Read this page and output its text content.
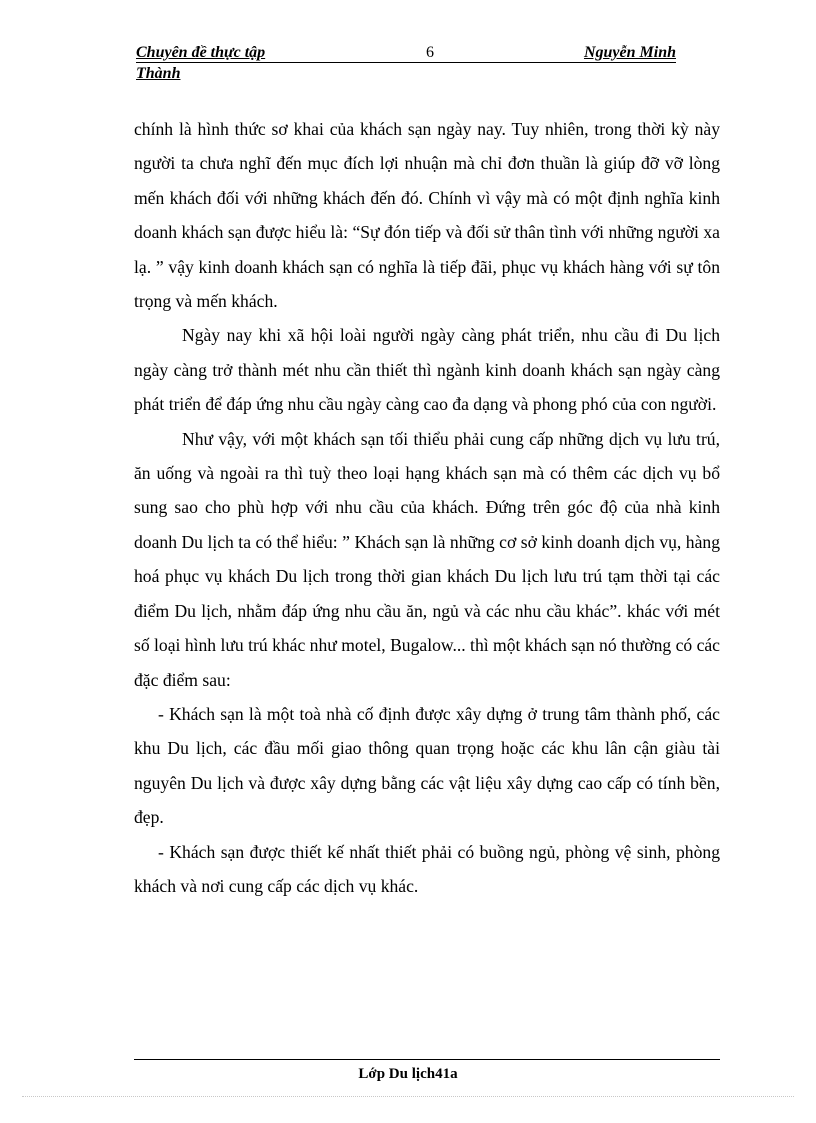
Chuyên đề thực tập	6	Nguyễn Minh
Thành

chính là hình thức sơ khai của khách sạn ngày nay. Tuy nhiên, trong thời kỳ này người ta chưa nghĩ đến mục đích lợi nhuận mà chỉ đơn thuần là giúp đỡ vỡ lòng mến khách đối với những khách đến đó. Chính vì vậy mà có một định nghĩa kinh doanh khách sạn được hiểu là: “Sự đón tiếp và đối sử thân tình với những người xa lạ. ” vậy kinh doanh khách sạn có nghĩa là tiếp đãi, phục vụ khách hàng với sự tôn trọng và mến khách.

Ngày nay khi xã hội loài người ngày càng phát triển, nhu cầu đi Du lịch ngày càng trở thành mét nhu cần thiết thì ngành kinh doanh khách sạn ngày càng phát triển để đáp ứng nhu cầu ngày càng cao đa dạng và phong phó của con người.

Như vậy, với một khách sạn tối thiểu phải cung cấp những dịch vụ lưu trú, ăn uống và ngoài ra thì tuỳ theo loại hạng khách sạn mà có thêm các dịch vụ bổ sung sao cho phù hợp với nhu cầu của khách. Đứng trên góc độ của nhà kinh doanh Du lịch ta có thể hiểu: ” Khách sạn là những cơ sở kinh doanh dịch vụ, hàng hoá phục vụ khách Du lịch trong thời gian khách Du lịch lưu trú tạm thời tại các điểm Du lịch, nhằm đáp ứng nhu cầu ăn, ngủ và các nhu cầu khác”. khác với mét số loại hình lưu trú khác như motel, Bugalow... thì một khách sạn nó thường có các đặc điểm sau:

- Khách sạn là một toà nhà cố định được xây dựng ở trung tâm thành phố, các khu Du lịch, các đầu mối giao thông quan trọng hoặc các khu lân cận giàu tài nguyên Du lịch và được xây dựng bằng các vật liệu xây dựng cao cấp có tính bền, đẹp.

- Khách sạn được thiết kế nhất thiết phải có buồng ngủ, phòng vệ sinh, phòng khách và nơi cung cấp các dịch vụ khác.

Lớp Du lịch41a
